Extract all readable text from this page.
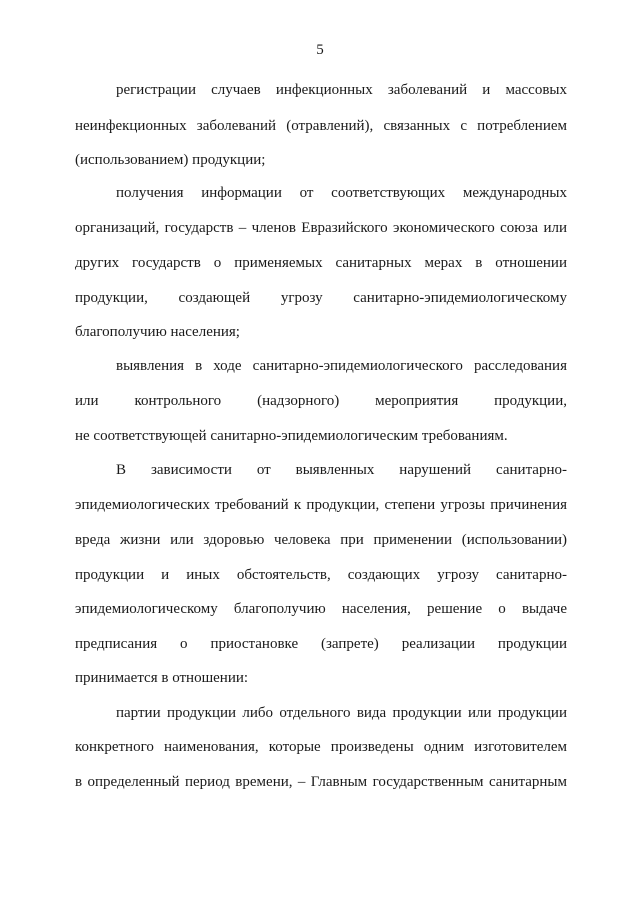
5
регистрации случаев инфекционных заболеваний и массовых
неинфекционных заболеваний (отравлений), связанных с потреблением
(использованием) продукции;
получения информации от соответствующих международных
организаций, государств – членов Евразийского экономического союза или
других государств о применяемых санитарных мерах в отношении
продукции, создающей угрозу санитарно-эпидемиологическому
благополучию населения;
выявления в ходе санитарно-эпидемиологического расследования
или контрольного (надзорного) мероприятия продукции,
не соответствующей санитарно-эпидемиологическим требованиям.
В зависимости от выявленных нарушений санитарно-
эпидемиологических требований к продукции, степени угрозы причинения
вреда жизни или здоровью человека при применении (использовании)
продукции и иных обстоятельств, создающих угрозу санитарно-
эпидемиологическому благополучию населения, решение о выдаче
предписания о приостановке (запрете) реализации продукции
принимается в отношении:
партии продукции либо отдельного вида продукции или продукции
конкретного наименования, которые произведены одним изготовителем
в определенный период времени, – Главным государственным санитарным
